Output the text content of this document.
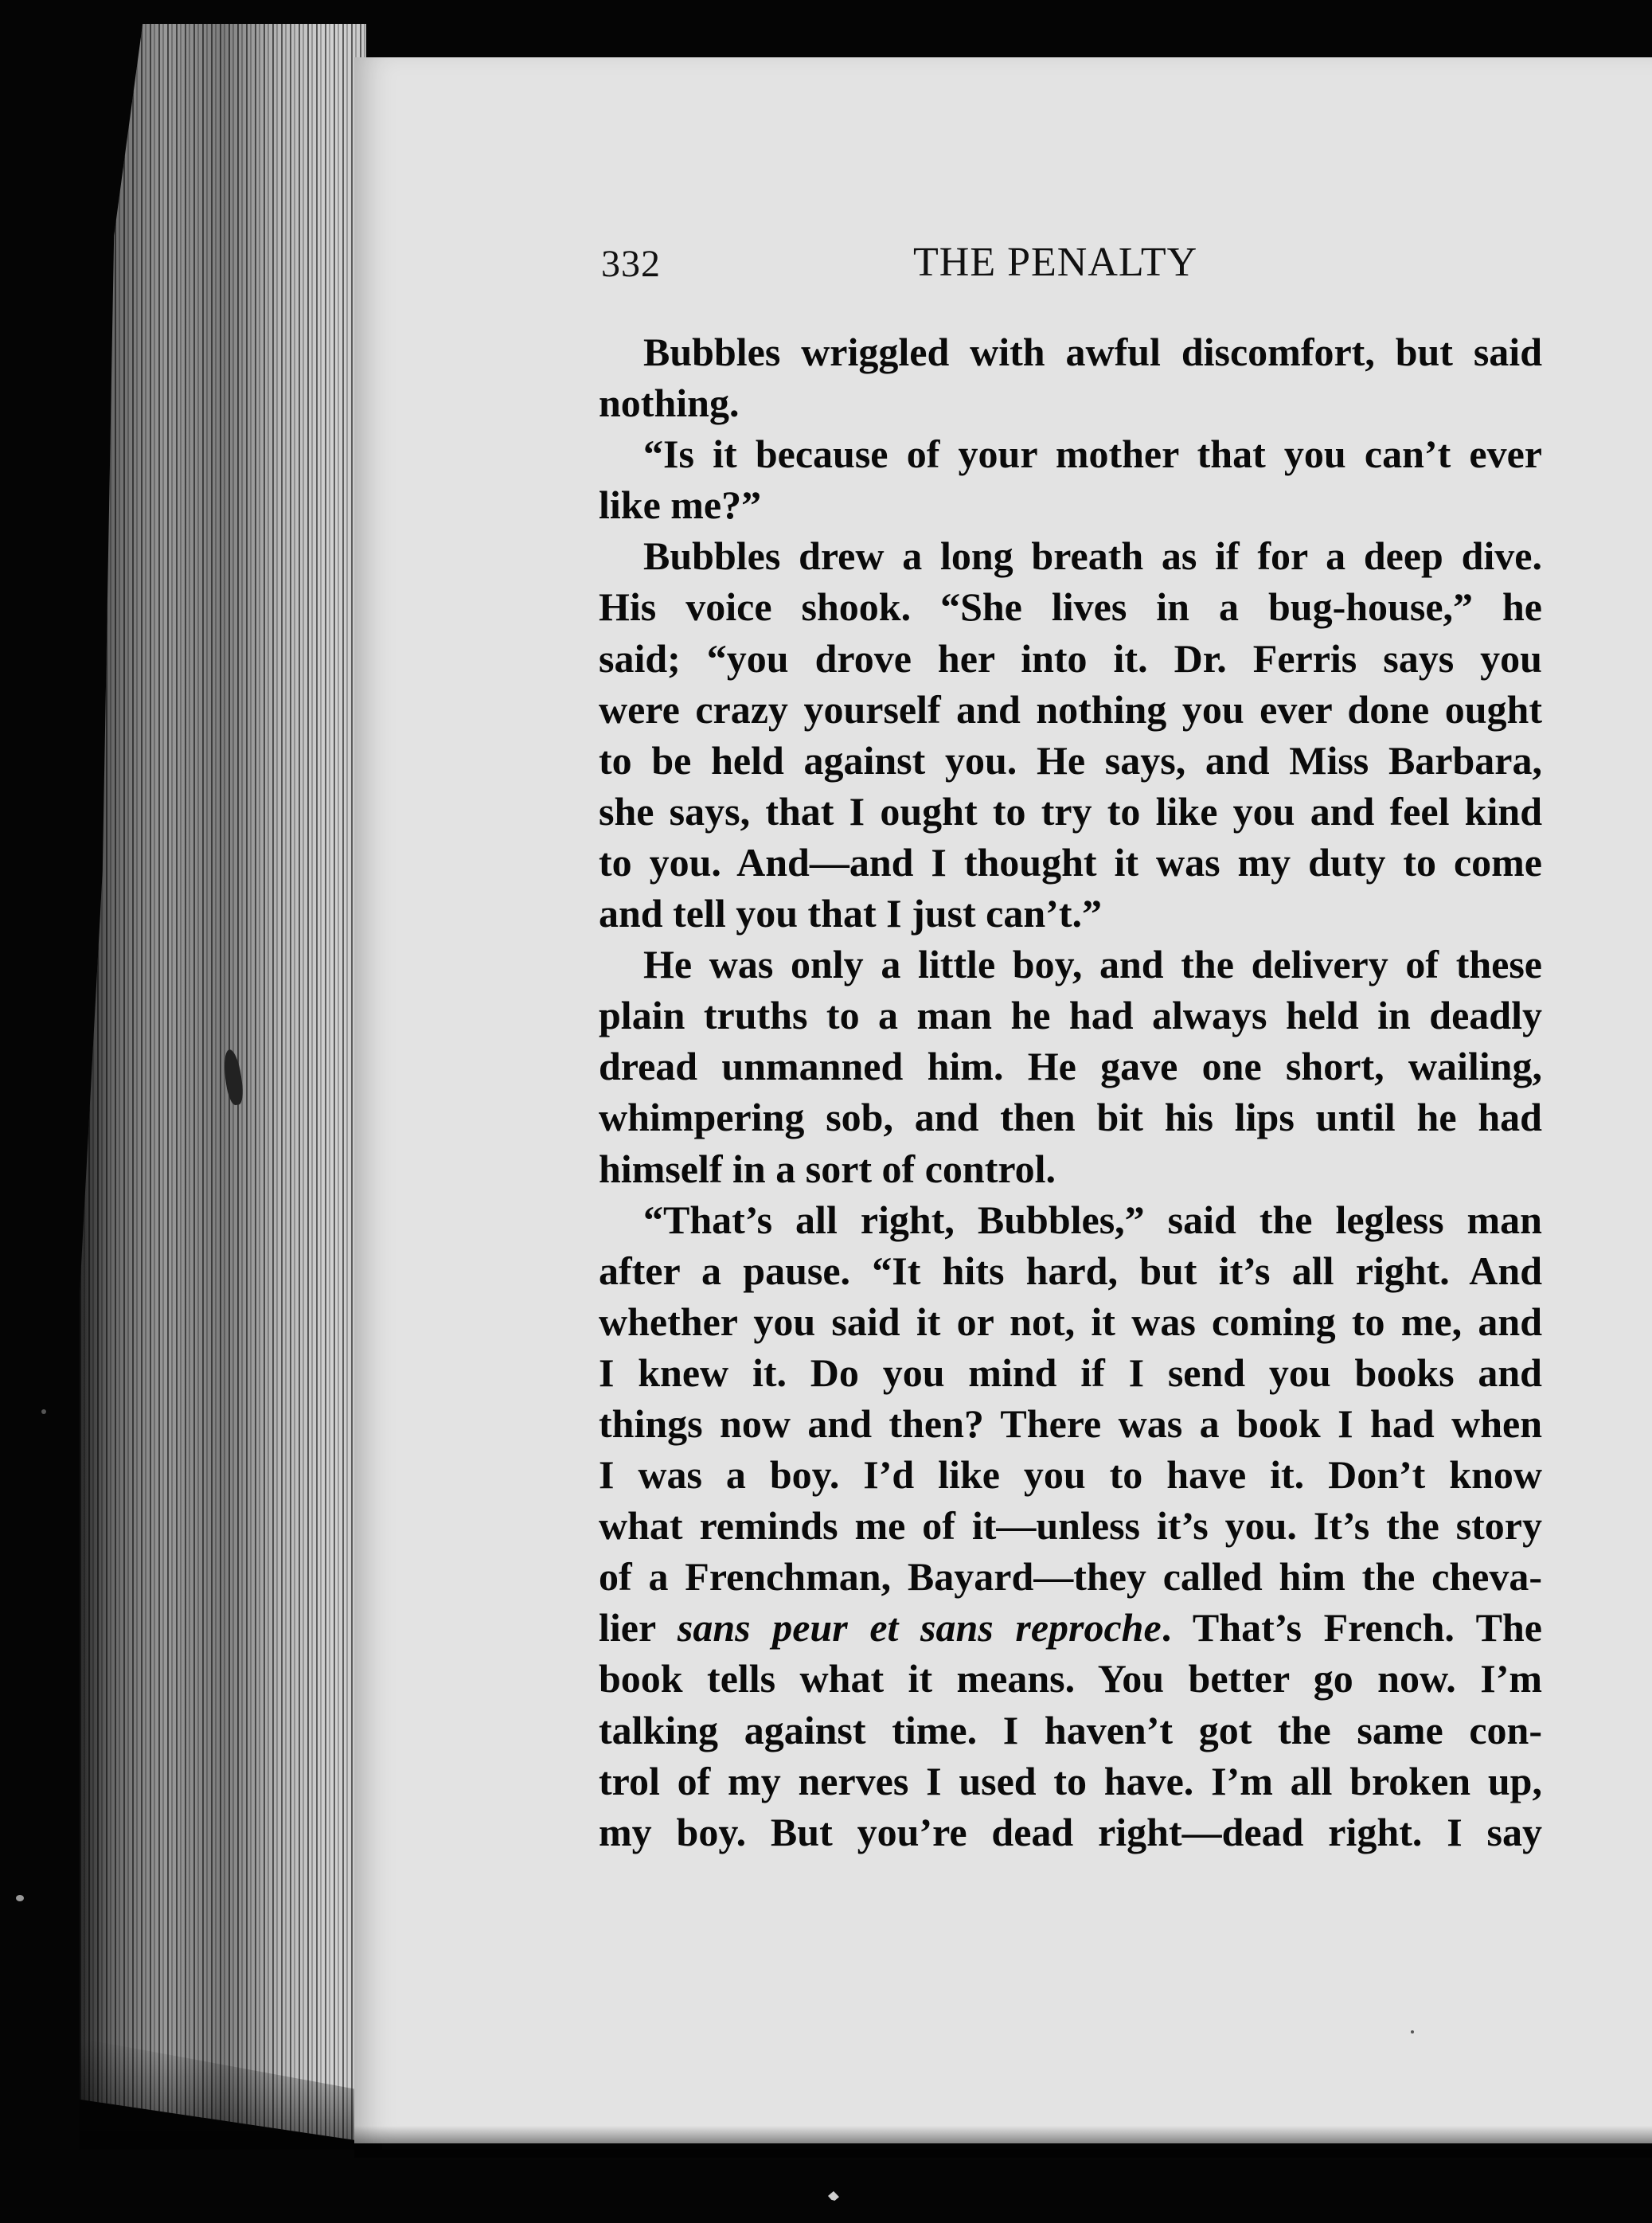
332	THE PENALTY
Bubbles wriggled with awful discomfort, but said
nothing.
“Is it because of your mother that you can’t ever
like me?”
Bubbles drew a long breath as if for a deep dive.
His voice shook. “She lives in a bug-house,” he
said; “you drove her into it. Dr. Ferris says you
were crazy yourself and nothing you ever done ought
to be held against you. He says, and Miss Barbara,
she says, that I ought to try to like you and feel kind
to you. And—and I thought it was my duty to come
and tell you that I just can’t.”
He was only a little boy, and the delivery of these
plain truths to a man he had always held in deadly
dread unmanned him. He gave one short, wailing,
whimpering sob, and then bit his lips until he had
himself in a sort of control.
“That’s all right, Bubbles,” said the legless man
after a pause. “It hits hard, but it’s all right. And
whether you said it or not, it was coming to me, and
I knew it. Do you mind if I send you books and
things now and then? There was a book I had when
I was a boy. I’d like you to have it. Don’t know
what reminds me of it—unless it’s you. It’s the story
of a Frenchman, Bayard—they called him the cheva-
lier sans peur et sans reproche. That’s French. The
book tells what it means. You better go now. I’m
talking against time. I haven’t got the same con-
trol of my nerves I used to have. I’m all broken up,
my boy. But you’re dead right—dead right. I say
